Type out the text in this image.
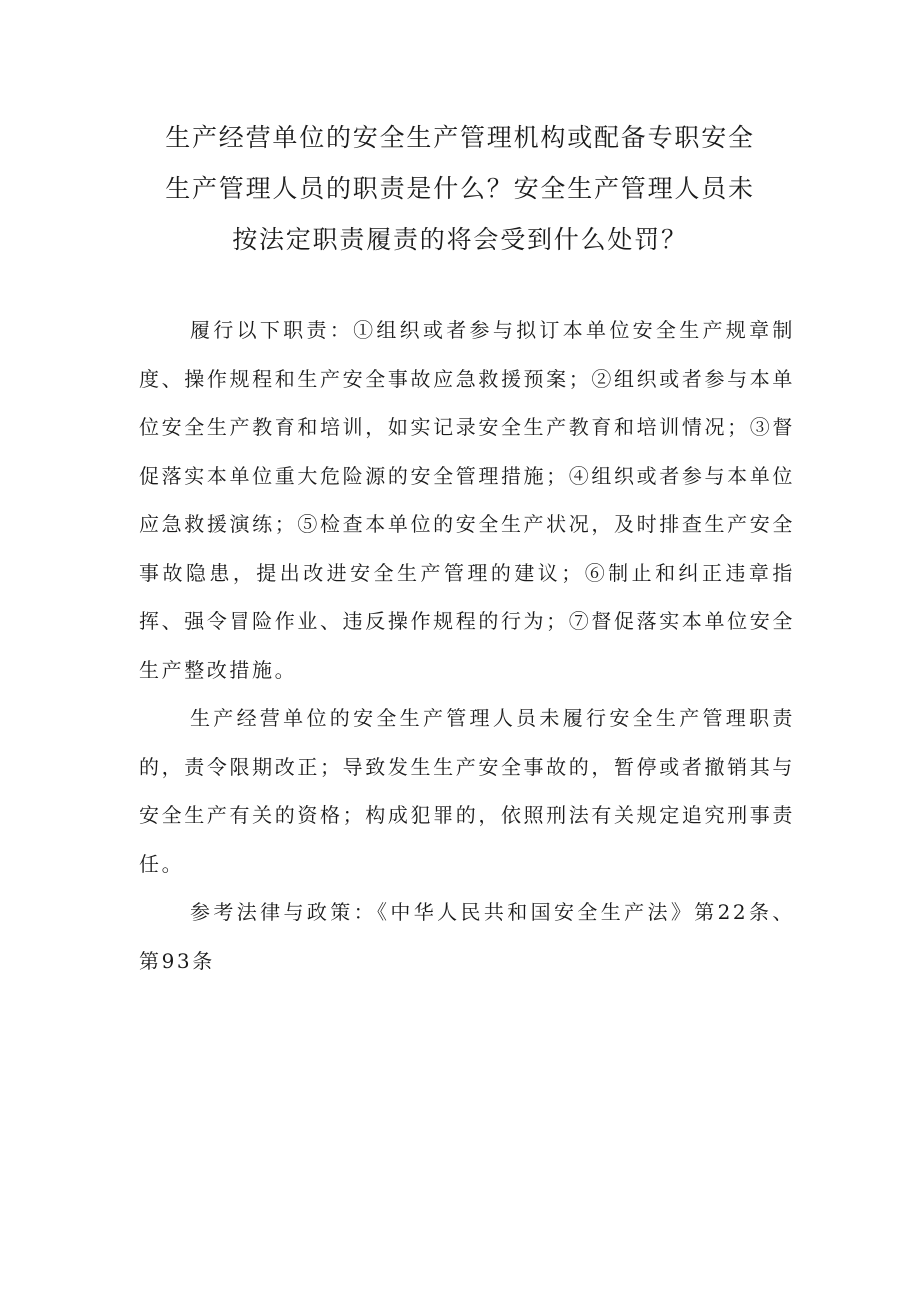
生产经营单位的安全生产管理机构或配备专职安全
生产管理人员的职责是什么？安全生产管理人员未
按法定职责履责的将会受到什么处罚？

履行以下职责：①组织或者参与拟订本单位安全生产规章制度、操作规程和生产安全事故应急救援预案；②组织或者参与本单位安全生产教育和培训，如实记录安全生产教育和培训情况；③督促落实本单位重大危险源的安全管理措施；④组织或者参与本单位应急救援演练；⑤检查本单位的安全生产状况，及时排查生产安全事故隐患，提出改进安全生产管理的建议；⑥制止和纠正违章指挥、强令冒险作业、违反操作规程的行为；⑦督促落实本单位安全生产整改措施。

生产经营单位的安全生产管理人员未履行安全生产管理职责的，责令限期改正；导致发生生产安全事故的，暂停或者撤销其与安全生产有关的资格；构成犯罪的，依照刑法有关规定追究刑事责任。

参考法律与政策：《中华人民共和国安全生产法》第22条、第93条
